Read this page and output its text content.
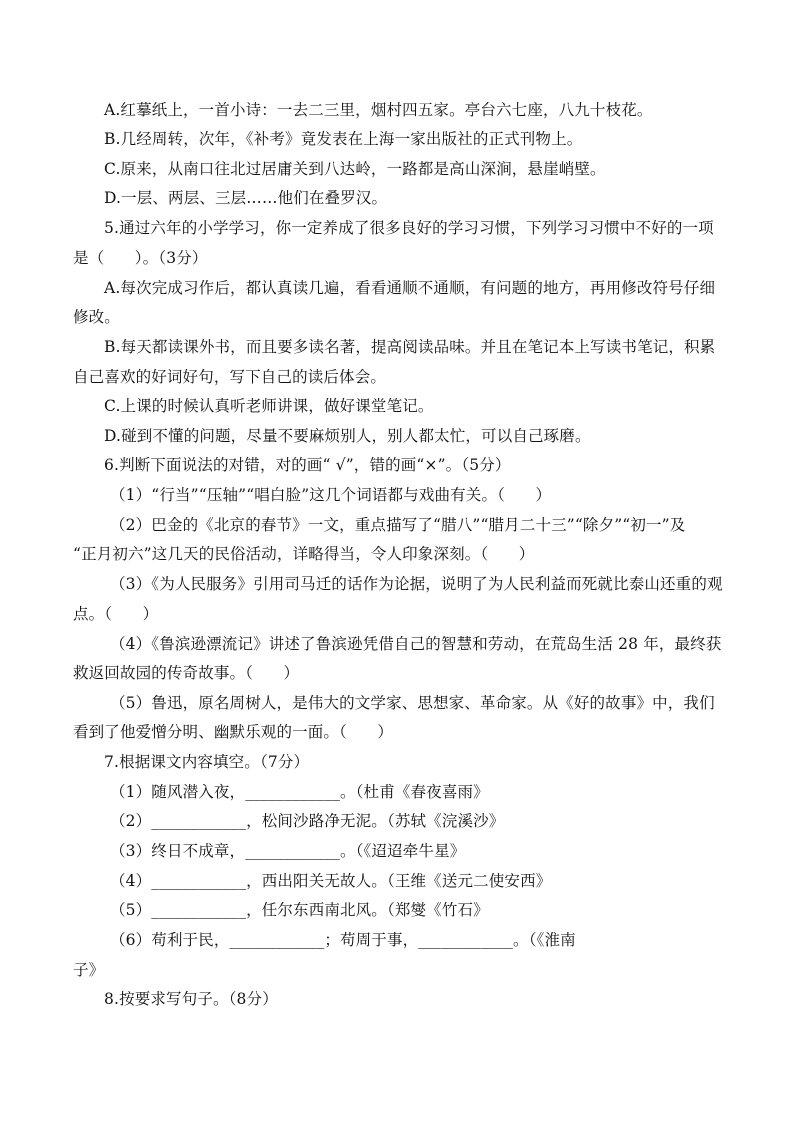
A.红摹纸上，一首小诗：一去二三里，烟村四五家。亭台六七座，八九十枝花。
B.几经周转，次年，《补考》竟发表在上海一家出版社的正式刊物上。
C.原来，从南口往北过居庸关到八达岭，一路都是高山深涧，悬崖峭壁。
D.一层、两层、三层……他们在叠罗汉。
5.通过六年的小学学习，你一定养成了很多良好的学习习惯，下列学习习惯中不好的一项
是（      ）。（3分）
A.每次完成习作后，都认真读几遍，看看通顺不通顺，有问题的地方，再用修改符号仔细
修改。
B.每天都读课外书，而且要多读名著，提高阅读品味。并且在笔记本上写读书笔记，积累
自己喜欢的好词好句，写下自己的读后体会。
C.上课的时候认真听老师讲课，做好课堂笔记。
D.碰到不懂的问题，尽量不要麻烦别人，别人都太忙，可以自己琢磨。
6.判断下面说法的对错，对的画“ √”，错的画“×”。（5分）
（1）“行当”“压轴”“唱白脸”这几个词语都与戏曲有关。（      ）
（2）巴金的《北京的春节》一文，重点描写了“腊八”“腊月二十三”“除夕”“初一”及
“正月初六”这几天的民俗活动，详略得当，令人印象深刻。（      ）
（3）《为人民服务》引用司马迁的话作为论据，说明了为人民利益而死就比泰山还重的观
点。（      ）
（4）《鲁滨逊漂流记》讲述了鲁滨逊凭借自己的智慧和劳动，在荒岛生活 28 年，最终获
救返回故园的传奇故事。（      ）
（5）鲁迅，原名周树人，是伟大的文学家、思想家、革命家。从《好的故事》中，我们
看到了他爱憎分明、幽默乐观的一面。（      ）
7.根据课文内容填空。（7分）
（1）随风潜入夜，____________。（杜甫《春夜喜雨》
（2）____________，松间沙路净无泥。（苏轼《浣溪沙》
（3）终日不成章，____________。（《迢迢牵牛星》
（4）____________，西出阳关无故人。（王维《送元二使安西》
（5）____________，任尔东西南北风。（郑燮《竹石》
（6）苟利于民，____________；苟周于事，____________。（《淮南
子》
8.按要求写句子。（8分）
